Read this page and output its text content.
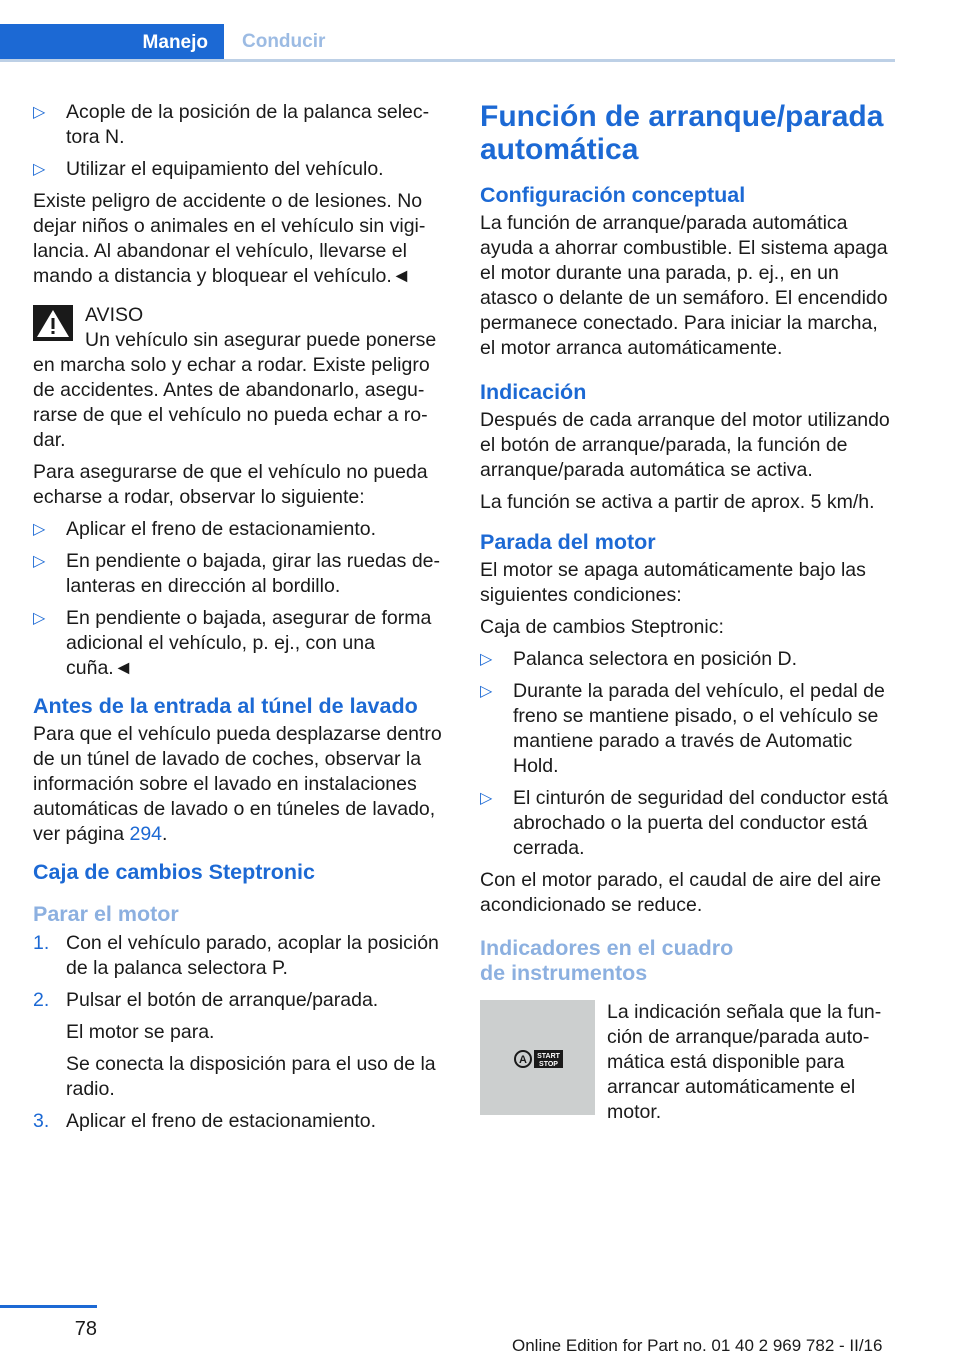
Manejo Conducir
▷ Acople de la posición de la palanca selectora N.
▷ Utilizar el equipamiento del vehículo.

Existe peligro de accidente o de lesiones. No dejar niños o animales en el vehículo sin vigilancia. Al abandonar el vehículo, llevarse el mando a distancia y bloquear el vehículo.◄

AVISO

Un vehículo sin asegurar puede ponerse

en marcha solo y echar a rodar. Existe peligro de accidentes. Antes de abandonarlo, asegurarse de que el vehículo no pueda echar a rodar.

Para asegurarse de que el vehículo no pueda echarse a rodar, observar lo siguiente:

▷ Aplicar el freno de estacionamiento.
▷ En pendiente o bajada, girar las ruedas delanteras en dirección al bordillo.
▷ En pendiente o bajada, asegurar de forma adicional el vehículo, p. ej., con una cuña.◄
Antes de la entrada al túnel de lavado

Para que el vehículo pueda desplazarse dentro de un túnel de lavado de coches, observar la información sobre el lavado en instalaciones automáticas de lavado o en túneles de lavado, ver página 294.

Caja de cambios Steptronic
Parar el motor
1. Con el vehículo parado, acoplar la posición de la palanca selectora P.
2. Pulsar el botón de arranque/parada.

El motor se para.

Se conecta la disposición para el uso de la radio.

3. Aplicar el freno de estacionamiento.
Función de arranque/parada automática
Configuración conceptual

La función de arranque/parada automática ayuda a ahorrar combustible. El sistema apaga el motor durante una parada, p. ej., en un atasco o delante de un semáforo. El encendido permanece conectado. Para iniciar la marcha, el motor arranca automáticamente.

Indicación

Después de cada arranque del motor utilizando el botón de arranque/parada, la función de arranque/parada automática se activa.

La función se activa a partir de aprox. 5 km/h.

Parada del motor

El motor se apaga automáticamente bajo las siguientes condiciones:

Caja de cambios Steptronic:

▷ Palanca selectora en posición D.
▷ Durante la parada del vehículo, el pedal de freno se mantiene pisado, o el vehículo se mantiene parado a través de Automatic Hold.
▷ El cinturón de seguridad del conductor está abrochado o la puerta del conductor está cerrada.

Con el motor parado, el caudal de aire del aire acondicionado se reduce.

Indicadores en el cuadro
de instrumentos
A START
STOP

La indicación señala que la función de arranque/parada automática está disponible para arrancar automáticamente el motor.

78
Online Edition for Part no. 01 40 2 969 782 - II/16
